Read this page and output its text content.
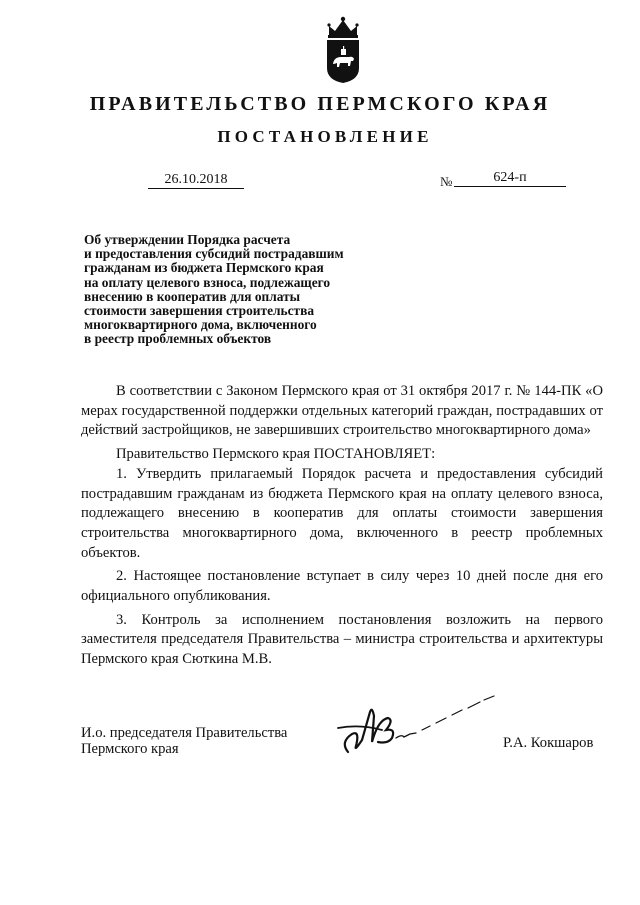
ПРАВИТЕЛЬСТВО ПЕРМСКОГО КРАЯ
ПОСТАНОВЛЕНИЕ
26.10.2018	№	624-п
Об утверждении Порядка расчета
и предоставления субсидий пострадавшим
гражданам из бюджета Пермского края
на оплату целевого взноса, подлежащего
внесению в кооператив для оплаты
стоимости завершения строительства
многоквартирного дома, включенного
в реестр проблемных объектов

В соответствии с Законом Пермского края от 31 октября 2017 г. № 144-ПК «О мерах государственной поддержки отдельных категорий граждан, пострадавших от действий застройщиков, не завершивших строительство многоквартирного дома»

Правительство Пермского края ПОСТАНОВЛЯЕТ:

1. Утвердить прилагаемый Порядок расчета и предоставления субсидий пострадавшим гражданам из бюджета Пермского края на оплату целевого взноса, подлежащего внесению в кооператив для оплаты стоимости завершения строительства многоквартирного дома, включенного в реестр проблемных объектов.

2. Настоящее постановление вступает в силу через 10 дней после дня его официального опубликования.

3. Контроль за исполнением постановления возложить на первого заместителя председателя Правительства – министра строительства и архитектуры Пермского края Сюткина М.В.

И.о. председателя Правительства
Пермского края	Р.А. Кокшаров
